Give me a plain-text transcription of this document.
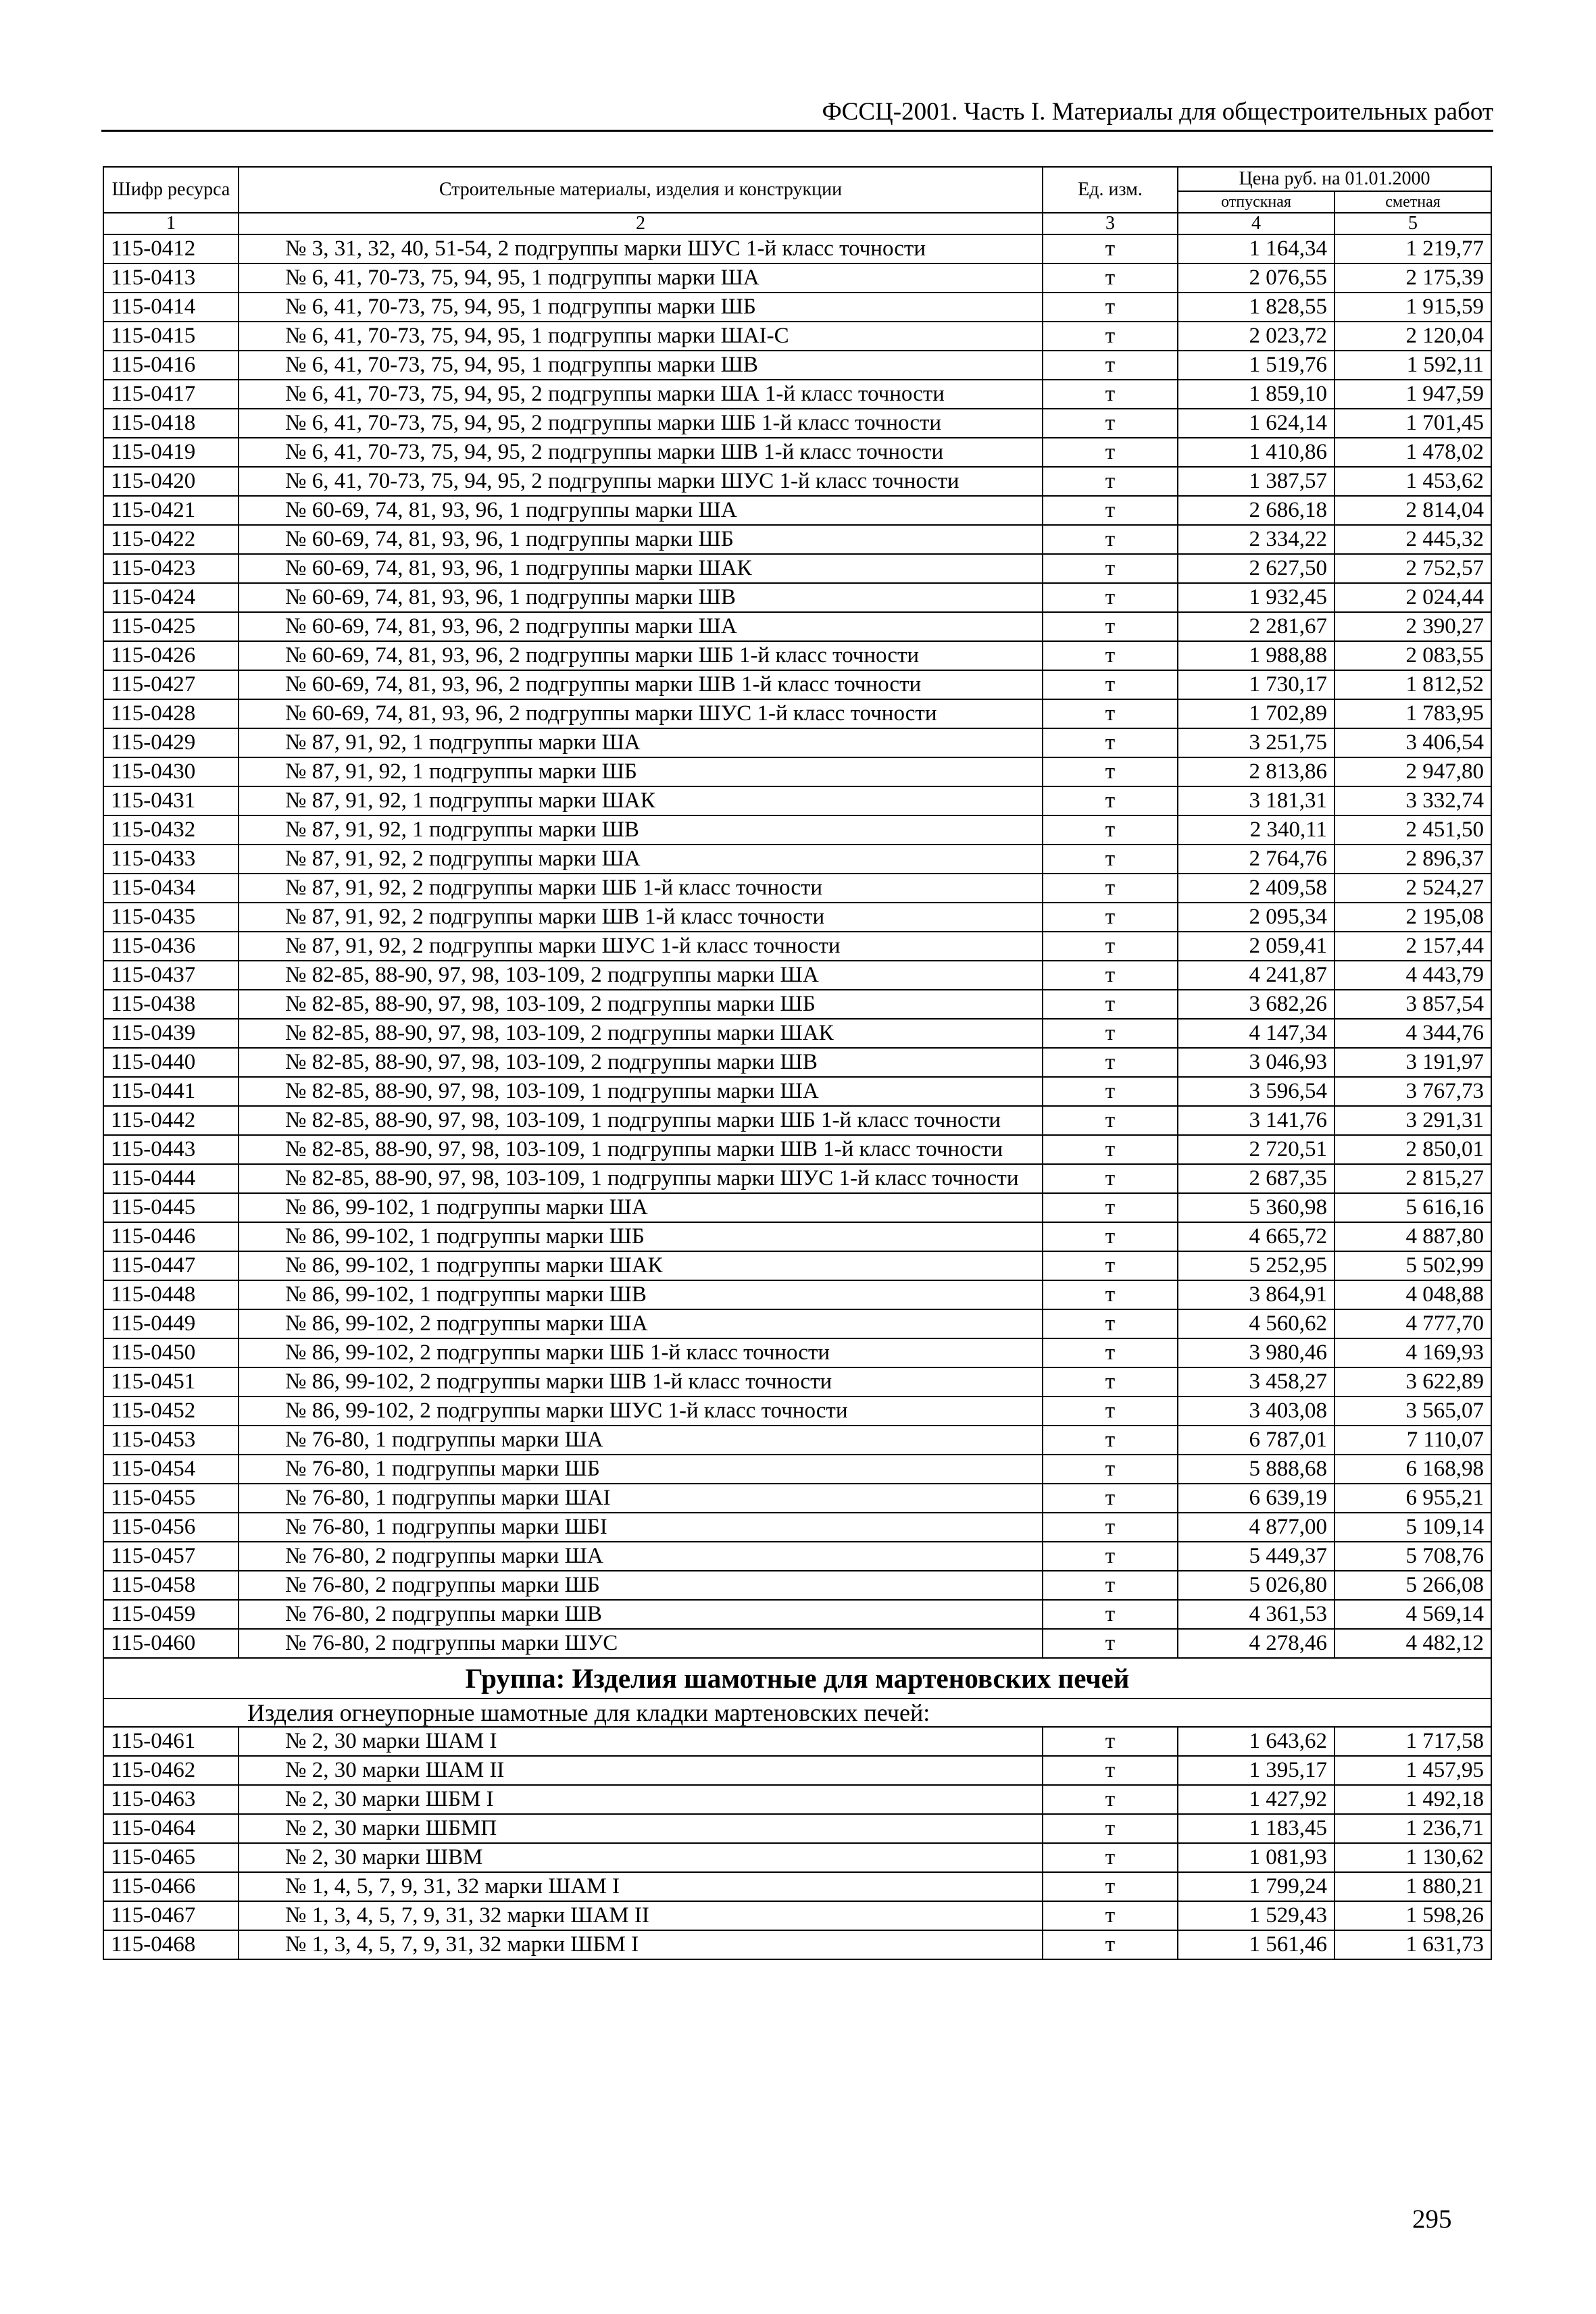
ФССЦ-2001. Часть I. Материалы для общестроительных работ
Шифр ресурса	Строительные материалы, изделия и конструкции	Ед. изм.	Цена руб. на 01.01.2000	
			отпускная	сметная
1	2	3	4	5
115-0412	№ 3, 31, 32, 40, 51-54, 2 подгруппы марки ШУС 1-й класс точности	т	1 164,34	1 219,77
115-0413	№ 6, 41, 70-73, 75, 94, 95, 1 подгруппы марки ША	т	2 076,55	2 175,39
115-0414	№ 6, 41, 70-73, 75, 94, 95, 1 подгруппы марки ШБ	т	1 828,55	1 915,59
115-0415	№ 6, 41, 70-73, 75, 94, 95, 1 подгруппы марки ШАІ-С	т	2 023,72	2 120,04
115-0416	№ 6, 41, 70-73, 75, 94, 95, 1 подгруппы марки ШВ	т	1 519,76	1 592,11
115-0417	№ 6, 41, 70-73, 75, 94, 95, 2 подгруппы марки ША 1-й класс точности	т	1 859,10	1 947,59
115-0418	№ 6, 41, 70-73, 75, 94, 95, 2 подгруппы марки ШБ 1-й класс точности	т	1 624,14	1 701,45
115-0419	№ 6, 41, 70-73, 75, 94, 95, 2 подгруппы марки ШВ 1-й класс точности	т	1 410,86	1 478,02
115-0420	№ 6, 41, 70-73, 75, 94, 95, 2 подгруппы марки ШУС 1-й класс точности	т	1 387,57	1 453,62
115-0421	№ 60-69, 74, 81, 93, 96, 1 подгруппы марки ША	т	2 686,18	2 814,04
115-0422	№ 60-69, 74, 81, 93, 96, 1 подгруппы марки ШБ	т	2 334,22	2 445,32
115-0423	№ 60-69, 74, 81, 93, 96, 1 подгруппы марки ШАК	т	2 627,50	2 752,57
115-0424	№ 60-69, 74, 81, 93, 96, 1 подгруппы марки ШВ	т	1 932,45	2 024,44
115-0425	№ 60-69, 74, 81, 93, 96, 2 подгруппы марки ША	т	2 281,67	2 390,27
115-0426	№ 60-69, 74, 81, 93, 96, 2 подгруппы марки ШБ 1-й класс точности	т	1 988,88	2 083,55
115-0427	№ 60-69, 74, 81, 93, 96, 2 подгруппы марки ШВ 1-й класс точности	т	1 730,17	1 812,52
115-0428	№ 60-69, 74, 81, 93, 96, 2 подгруппы марки ШУС 1-й класс точности	т	1 702,89	1 783,95
115-0429	№ 87, 91, 92, 1 подгруппы марки ША	т	3 251,75	3 406,54
115-0430	№ 87, 91, 92, 1 подгруппы марки ШБ	т	2 813,86	2 947,80
115-0431	№ 87, 91, 92, 1 подгруппы марки ШАК	т	3 181,31	3 332,74
115-0432	№ 87, 91, 92, 1 подгруппы марки ШВ	т	2 340,11	2 451,50
115-0433	№ 87, 91, 92, 2 подгруппы марки ША	т	2 764,76	2 896,37
115-0434	№ 87, 91, 92, 2 подгруппы марки ШБ 1-й класс точности	т	2 409,58	2 524,27
115-0435	№ 87, 91, 92, 2 подгруппы марки ШВ 1-й класс точности	т	2 095,34	2 195,08
115-0436	№ 87, 91, 92, 2 подгруппы марки ШУС 1-й класс точности	т	2 059,41	2 157,44
115-0437	№ 82-85, 88-90, 97, 98, 103-109, 2 подгруппы марки ША	т	4 241,87	4 443,79
115-0438	№ 82-85, 88-90, 97, 98, 103-109, 2 подгруппы марки ШБ	т	3 682,26	3 857,54
115-0439	№ 82-85, 88-90, 97, 98, 103-109, 2 подгруппы марки ШАК	т	4 147,34	4 344,76
115-0440	№ 82-85, 88-90, 97, 98, 103-109, 2 подгруппы марки ШВ	т	3 046,93	3 191,97
115-0441	№ 82-85, 88-90, 97, 98, 103-109, 1 подгруппы марки ША	т	3 596,54	3 767,73
115-0442	№ 82-85, 88-90, 97, 98, 103-109, 1 подгруппы марки ШБ 1-й класс точности	т	3 141,76	3 291,31
115-0443	№ 82-85, 88-90, 97, 98, 103-109, 1 подгруппы марки ШВ 1-й класс точности	т	2 720,51	2 850,01
115-0444	№ 82-85, 88-90, 97, 98, 103-109, 1 подгруппы марки ШУС 1-й класс точности	т	2 687,35	2 815,27
115-0445	№ 86, 99-102, 1 подгруппы марки ША	т	5 360,98	5 616,16
115-0446	№ 86, 99-102, 1 подгруппы марки ШБ	т	4 665,72	4 887,80
115-0447	№ 86, 99-102, 1 подгруппы марки ШАК	т	5 252,95	5 502,99
115-0448	№ 86, 99-102, 1 подгруппы марки ШВ	т	3 864,91	4 048,88
115-0449	№ 86, 99-102, 2 подгруппы марки ША	т	4 560,62	4 777,70
115-0450	№ 86, 99-102, 2 подгруппы марки ШБ 1-й класс точности	т	3 980,46	4 169,93
115-0451	№ 86, 99-102, 2 подгруппы марки ШВ 1-й класс точности	т	3 458,27	3 622,89
115-0452	№ 86, 99-102, 2 подгруппы марки ШУС 1-й класс точности	т	3 403,08	3 565,07
115-0453	№ 76-80, 1 подгруппы марки ША	т	6 787,01	7 110,07
115-0454	№ 76-80, 1 подгруппы марки ШБ	т	5 888,68	6 168,98
115-0455	№ 76-80, 1 подгруппы марки ШАІ	т	6 639,19	6 955,21
115-0456	№ 76-80, 1 подгруппы марки ШБІ	т	4 877,00	5 109,14
115-0457	№ 76-80, 2 подгруппы марки ША	т	5 449,37	5 708,76
115-0458	№ 76-80, 2 подгруппы марки ШБ	т	5 026,80	5 266,08
115-0459	№ 76-80, 2 подгруппы марки ШВ	т	4 361,53	4 569,14
115-0460	№ 76-80, 2 подгруппы марки ШУС	т	4 278,46	4 482,12
Группа: Изделия шамотные для мартеновских печей				
Изделия огнеупорные шамотные для кладки мартеновских печей:				
115-0461	№ 2, 30 марки ШАМ I	т	1 643,62	1 717,58
115-0462	№ 2, 30 марки ШАМ II	т	1 395,17	1 457,95
115-0463	№ 2, 30 марки ШБМ I	т	1 427,92	1 492,18
115-0464	№ 2, 30 марки ШБМП	т	1 183,45	1 236,71
115-0465	№ 2, 30 марки ШВМ	т	1 081,93	1 130,62
115-0466	№ 1, 4, 5, 7, 9, 31, 32 марки ШАМ I	т	1 799,24	1 880,21
115-0467	№ 1, 3, 4, 5, 7, 9, 31, 32 марки ШАМ II	т	1 529,43	1 598,26
115-0468	№ 1, 3, 4, 5, 7, 9, 31, 32 марки ШБМ I	т	1 561,46	1 631,73
295
